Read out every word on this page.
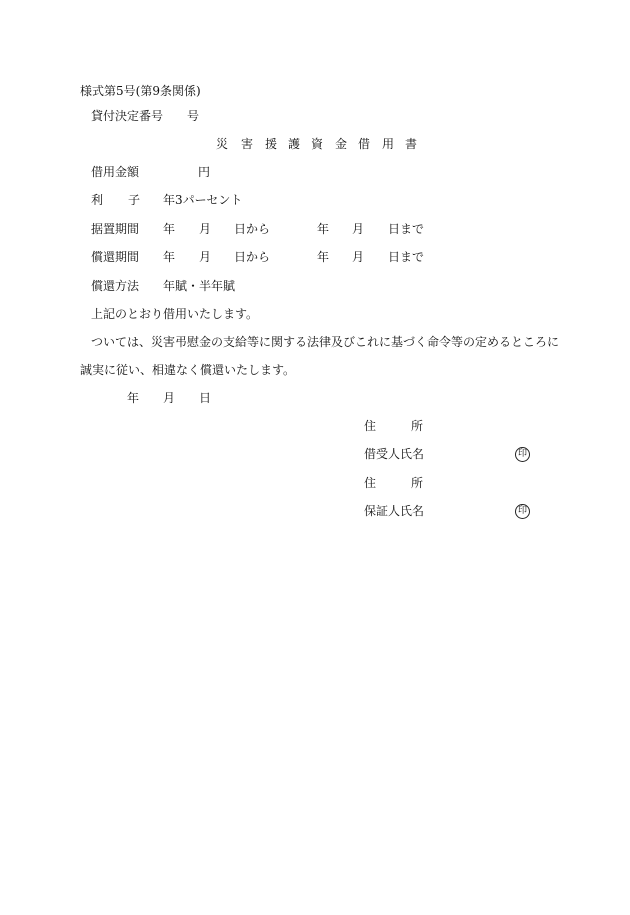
様式第5号(第9条関係)
貸付決定番号 号
災 害 援 護 資 金 借 用 書
借用金額	円
利 子 年3パーセント
据置期間 年 月 日から	年 月 日まで
償還期間 年 月 日から	年 月 日まで
償還方法 年賦・半年賦
上記のとおり借用いたします。
ついては、災害弔慰金の支給等に関する法律及びこれに基づく命令等の定めるところに
誠実に従い、相違なく償還いたします。
年 月 日
住	所
借受人氏名	印
住	所
保証人氏名	印
